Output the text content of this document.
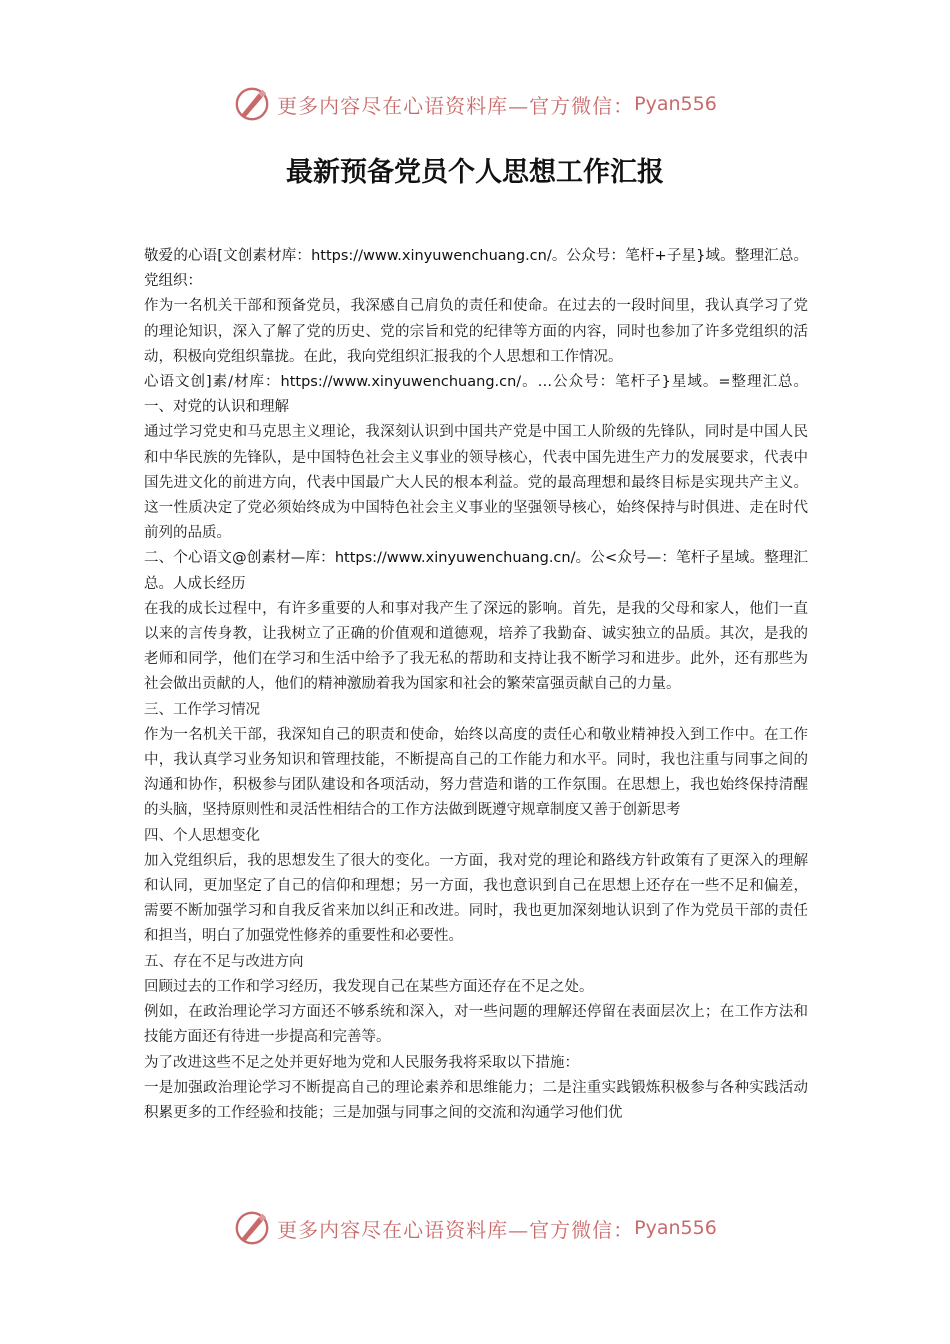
更多内容尽在心语资料库—官方微信： Pyan556
最新预备党员个人思想工作汇报

敬爱的心语[文创素材库：https://www.xinyuwenchuang.cn/。公众号：笔杆+子星}域。整理汇总。党组织：

作为一名机关干部和预备党员，我深感自己肩负的责任和使命。在过去的一段时间里，我认真学习了党的理论知识，深入了解了党的历史、党的宗旨和党的纪律等方面的内容，同时也参加了许多党组织的活动，积极向党组织靠拢。在此，我向党组织汇报我的个人思想和工作情况。

心语文创]素/材库：https://www.xinyuwenchuang.cn/。…公众号：笔杆子}星域。=整理汇总。一、对党的认识和理解

通过学习党史和马克思主义理论，我深刻认识到中国共产党是中国工人阶级的先锋队，同时是中国人民和中华民族的先锋队，是中国特色社会主义事业的领导核心，代表中国先进生产力的发展要求，代表中国先进文化的前进方向，代表中国最广大人民的根本利益。党的最高理想和最终目标是实现共产主义。这一性质决定了党必须始终成为中国特色社会主义事业的坚强领导核心，始终保持与时俱进、走在时代前列的品质。

二、个心语文@创素材—库：https://www.xinyuwenchuang.cn/。公<众号—：笔杆子星域。整理汇总。人成长经历

在我的成长过程中，有许多重要的人和事对我产生了深远的影响。首先，是我的父母和家人，他们一直以来的言传身教，让我树立了正确的价值观和道德观，培养了我勤奋、诚实独立的品质。其次，是我的老师和同学，他们在学习和生活中给予了我无私的帮助和支持让我不断学习和进步。此外，还有那些为社会做出贡献的人，他们的精神激励着我为国家和社会的繁荣富强贡献自己的力量。

三、工作学习情况

作为一名机关干部，我深知自己的职责和使命，始终以高度的责任心和敬业精神投入到工作中。在工作中，我认真学习业务知识和管理技能，不断提高自己的工作能力和水平。同时，我也注重与同事之间的沟通和协作，积极参与团队建设和各项活动，努力营造和谐的工作氛围。在思想上，我也始终保持清醒的头脑，坚持原则性和灵活性相结合的工作方法做到既遵守规章制度又善于创新思考

四、个人思想变化

加入党组织后，我的思想发生了很大的变化。一方面，我对党的理论和路线方针政策有了更深入的理解和认同，更加坚定了自己的信仰和理想；另一方面，我也意识到自己在思想上还存在一些不足和偏差，需要不断加强学习和自我反省来加以纠正和改进。同时，我也更加深刻地认识到了作为党员干部的责任和担当，明白了加强党性修养的重要性和必要性。

五、存在不足与改进方向

回顾过去的工作和学习经历，我发现自己在某些方面还存在不足之处。

例如，在政治理论学习方面还不够系统和深入，对一些问题的理解还停留在表面层次上；在工作方法和技能方面还有待进一步提高和完善等。

为了改进这些不足之处并更好地为党和人民服务我将采取以下措施：

一是加强政治理论学习不断提高自己的理论素养和思维能力；二是注重实践锻炼积极参与各种实践活动积累更多的工作经验和技能；三是加强与同事之间的交流和沟通学习他们优

更多内容尽在心语资料库—官方微信： Pyan556
